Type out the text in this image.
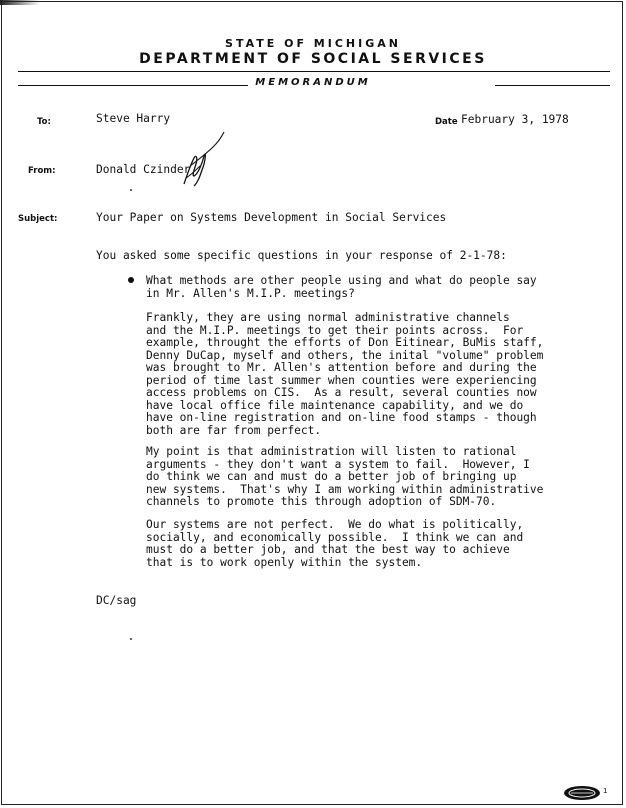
STATE OF MICHIGAN
DEPARTMENT OF SOCIAL SERVICES
MEMORANDUM
To:	Steve Harry	Date February 3, 1978
From:	Donald Czinder
Subject:	Your Paper on Systems Development in Social Services
You asked some specific questions in your response of 2-1-78:
What methods are other people using and what do people say
in Mr. Allen's M.I.P. meetings?
Frankly, they are using normal administrative channels
and the M.I.P. meetings to get their points across.  For
example, throught the efforts of Don Eitinear, BuMis staff,
Denny DuCap, myself and others, the inital "volume" problem
was brought to Mr. Allen's attention before and during the
period of time last summer when counties were experiencing
access problems on CIS.  As a result, several counties now
have local office file maintenance capability, and we do
have on-line registration and on-line food stamps - though
both are far from perfect.
My point is that administration will listen to rational
arguments - they don't want a system to fail.  However, I
do think we can and must do a better job of bringing up
new systems.  That's why I am working within administrative
channels to promote this through adoption of SDM-70.
Our systems are not perfect.  We do what is politically,
socially, and economically possible.  I think we can and
must do a better job, and that the best way to achieve
that is to work openly within the system.
DC/sag
1
